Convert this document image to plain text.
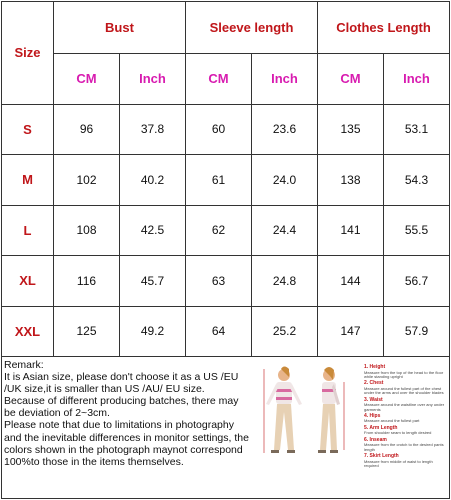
Size	Bust		Sleeve length		Clothes Length	
	CM	Inch	CM	Inch	CM	Inch
S	96	37.8	60	23.6	135	53.1
M	102	40.2	61	24.0	138	54.3
L	108	42.5	62	24.4	141	55.5
XL	116	45.7	63	24.8	144	56.7
XXL	125	49.2	64	25.2	147	57.9

Remark:

It is Asian size, please don't choose it as a US /EU /UK size,it is smaller than US /AU/ EU size.

Because of different producing batches, there may be deviation of 2~3cm.

Please note that due to limitations in photography and the inevitable differences in monitor settings, the colors shown in the photograph maynot correspond 100%to those in the items themselves.

1. Height
Measure from the top of the head to the floor while standing upright
2. Chest
Measure around the fullest part of the chest under the arms and over the shoulder blades
3. Waist
Measure around the waistline over any under garments
4. Hips
Measure around the fullest part
5. Arm Length
From shoulder seam to length desired
6. Inseam
Measure from the crotch to the desired pants length
7. Skirt Length
Measure from middle of waist to length required
